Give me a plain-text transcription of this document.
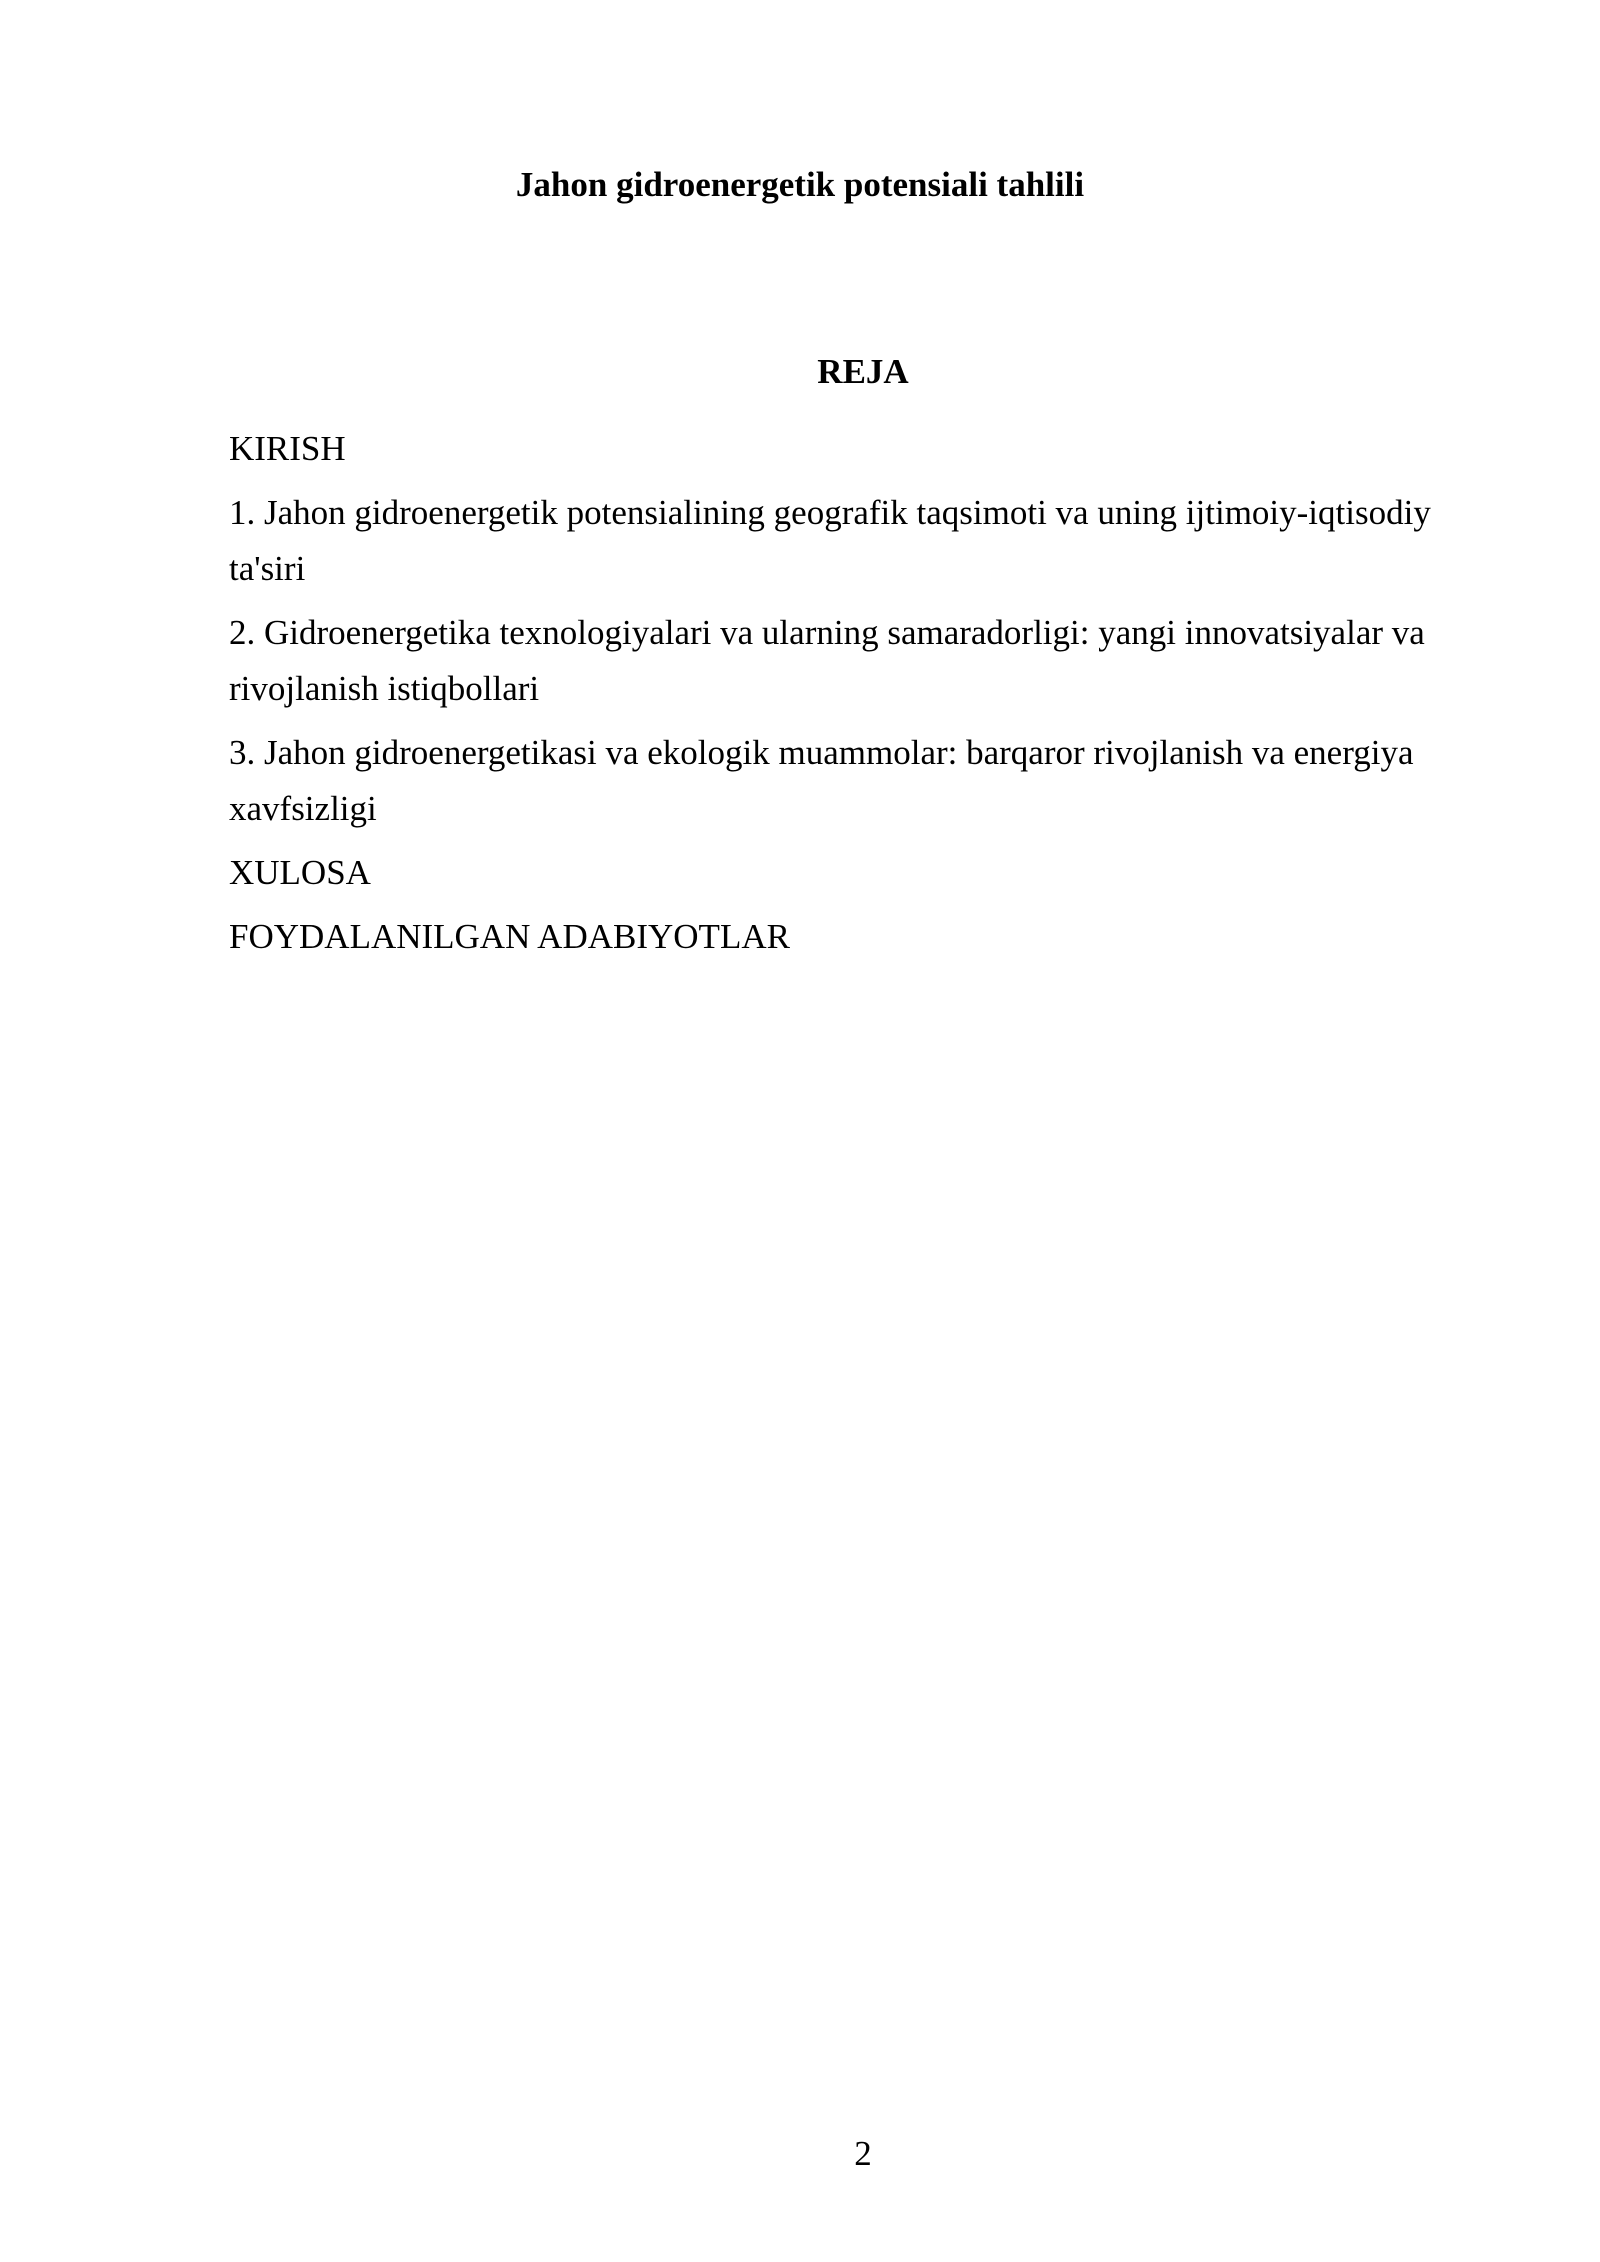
Jahon gidroenergetik potensiali tahlili
REJA
KIRISH
1. Jahon gidroenergetik potensialining geografik taqsimoti va uning ijtimoiy-iqtisodiy ta'siri
2. Gidroenergetika texnologiyalari va ularning samaradorligi: yangi innovatsiyalar va rivojlanish istiqbollari
3. Jahon gidroenergetikasi va ekologik muammolar: barqaror rivojlanish va energiya xavfsizligi
XULOSA
FOYDALANILGAN ADABIYOTLAR
2
